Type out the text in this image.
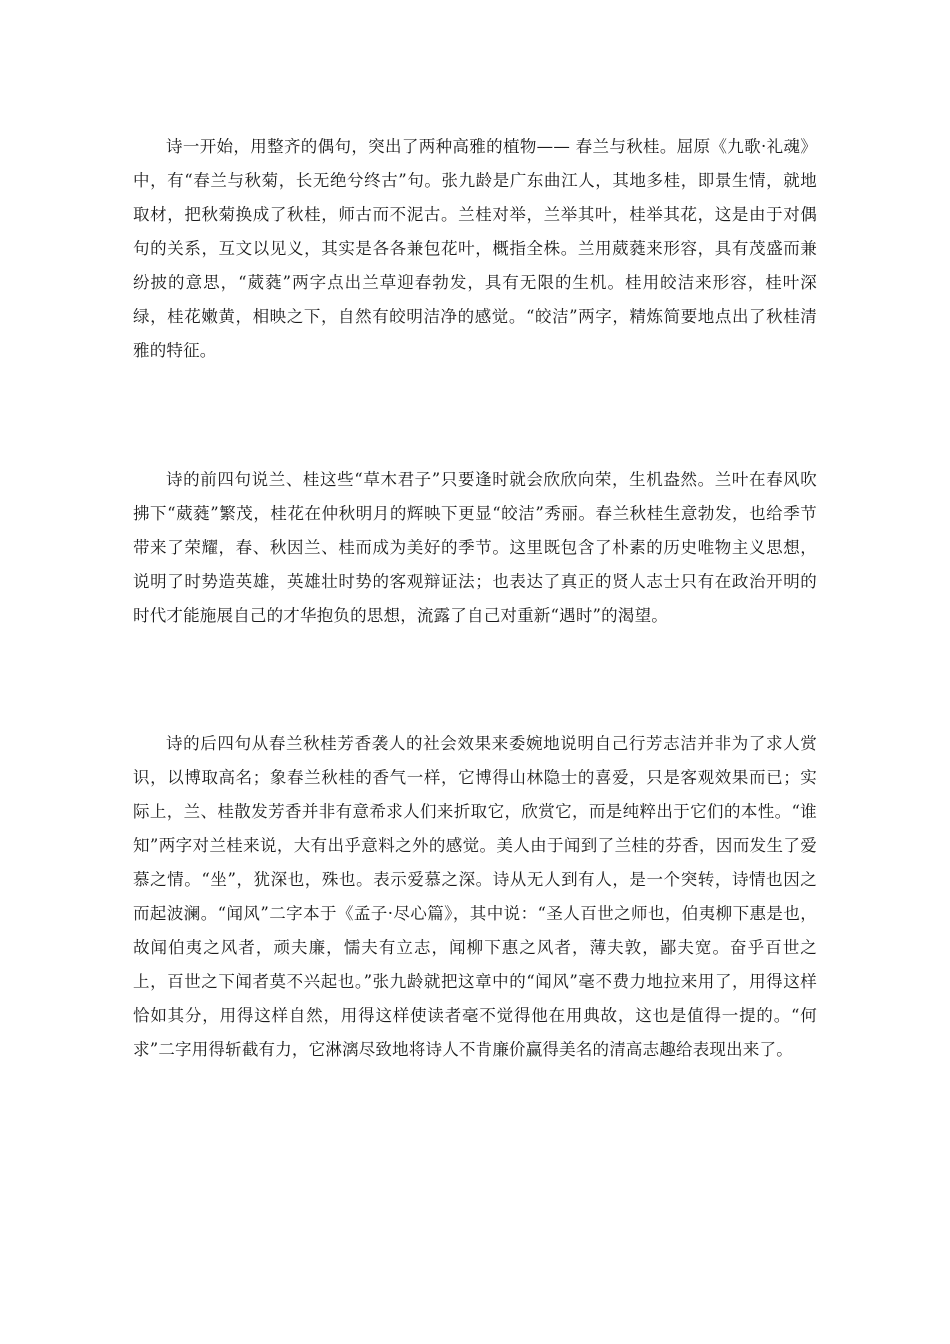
诗一开始，用整齐的偶句，突出了两种高雅的植物—— 春兰与秋桂。屈原《九歌·礼魂》中，有“春兰与秋菊，长无绝兮终古”句。张九龄是广东曲江人，其地多桂，即景生情，就地取材，把秋菊换成了秋桂，师古而不泥古。兰桂对举，兰举其叶，桂举其花，这是由于对偶句的关系，互文以见义，其实是各各兼包花叶，概指全株。兰用葳蕤来形容，具有茂盛而兼纷披的意思，“葳蕤”两字点出兰草迎春勃发，具有无限的生机。桂用皎洁来形容，桂叶深绿，桂花嫩黄，相映之下，自然有皎明洁净的感觉。“皎洁”两字，精炼简要地点出了秋桂清雅的特征。

诗的前四句说兰、桂这些“草木君子”只要逢时就会欣欣向荣，生机盎然。兰叶在春风吹拂下“葳蕤”繁茂，桂花在仲秋明月的辉映下更显“皎洁”秀丽。春兰秋桂生意勃发，也给季节带来了荣耀，春、秋因兰、桂而成为美好的季节。这里既包含了朴素的历史唯物主义思想，说明了时势造英雄，英雄壮时势的客观辩证法；也表达了真正的贤人志士只有在政治开明的时代才能施展自己的才华抱负的思想，流露了自己对重新“遇时”的渴望。

诗的后四句从春兰秋桂芳香袭人的社会效果来委婉地说明自己行芳志洁并非为了求人赏识，以博取高名；象春兰秋桂的香气一样，它博得山林隐士的喜爱，只是客观效果而已；实际上，兰、桂散发芳香并非有意希求人们来折取它，欣赏它，而是纯粹出于它们的本性。“谁知”两字对兰桂来说，大有出乎意料之外的感觉。美人由于闻到了兰桂的芬香，因而发生了爱慕之情。“坐”，犹深也，殊也。表示爱慕之深。诗从无人到有人，是一个突转，诗情也因之而起波澜。“闻风”二字本于《孟子·尽心篇》，其中说：“圣人百世之师也，伯夷柳下惠是也，故闻伯夷之风者，顽夫廉，懦夫有立志，闻柳下惠之风者，薄夫敦，鄙夫宽。奋乎百世之上，百世之下闻者莫不兴起也。”张九龄就把这章中的“闻风”毫不费力地拉来用了，用得这样恰如其分，用得这样自然，用得这样使读者毫不觉得他在用典故，这也是值得一提的。“何求”二字用得斩截有力，它淋漓尽致地将诗人不肯廉价赢得美名的清高志趣给表现出来了。
